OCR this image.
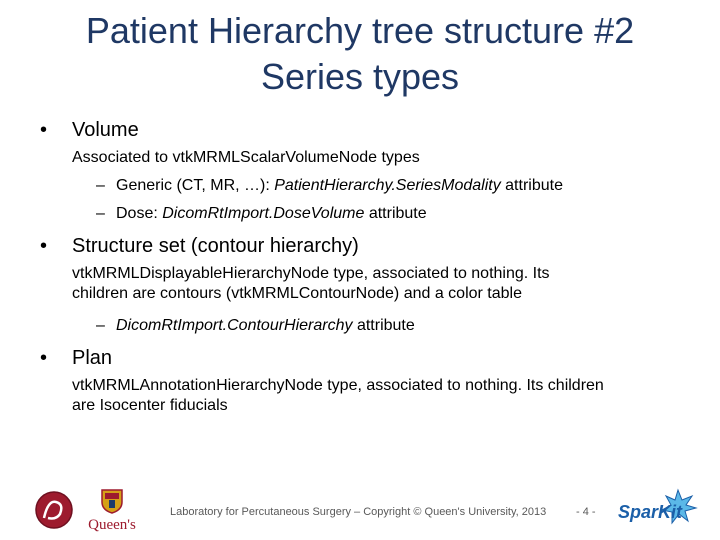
Patient Hierarchy tree structure #2
Series types
• Volume
Associated to vtkMRMLScalarVolumeNode types
– Generic (CT, MR, …): PatientHierarchy.SeriesModality attribute
– Dose: DicomRtImport.DoseVolume attribute
• Structure set (contour hierarchy)
vtkMRMLDisplayableHierarchyNode type, associated to nothing. Its
children are contours (vtkMRMLContourNode) and a color table
– DicomRtImport.ContourHierarchy attribute
• Plan
vtkMRMLAnnotationHierarchyNode type, associated to nothing. Its children
are Isocenter fiducials
Queen's
Laboratory for Percutaneous Surgery – Copyright © Queen's University, 2013	- 4 - SparKit
